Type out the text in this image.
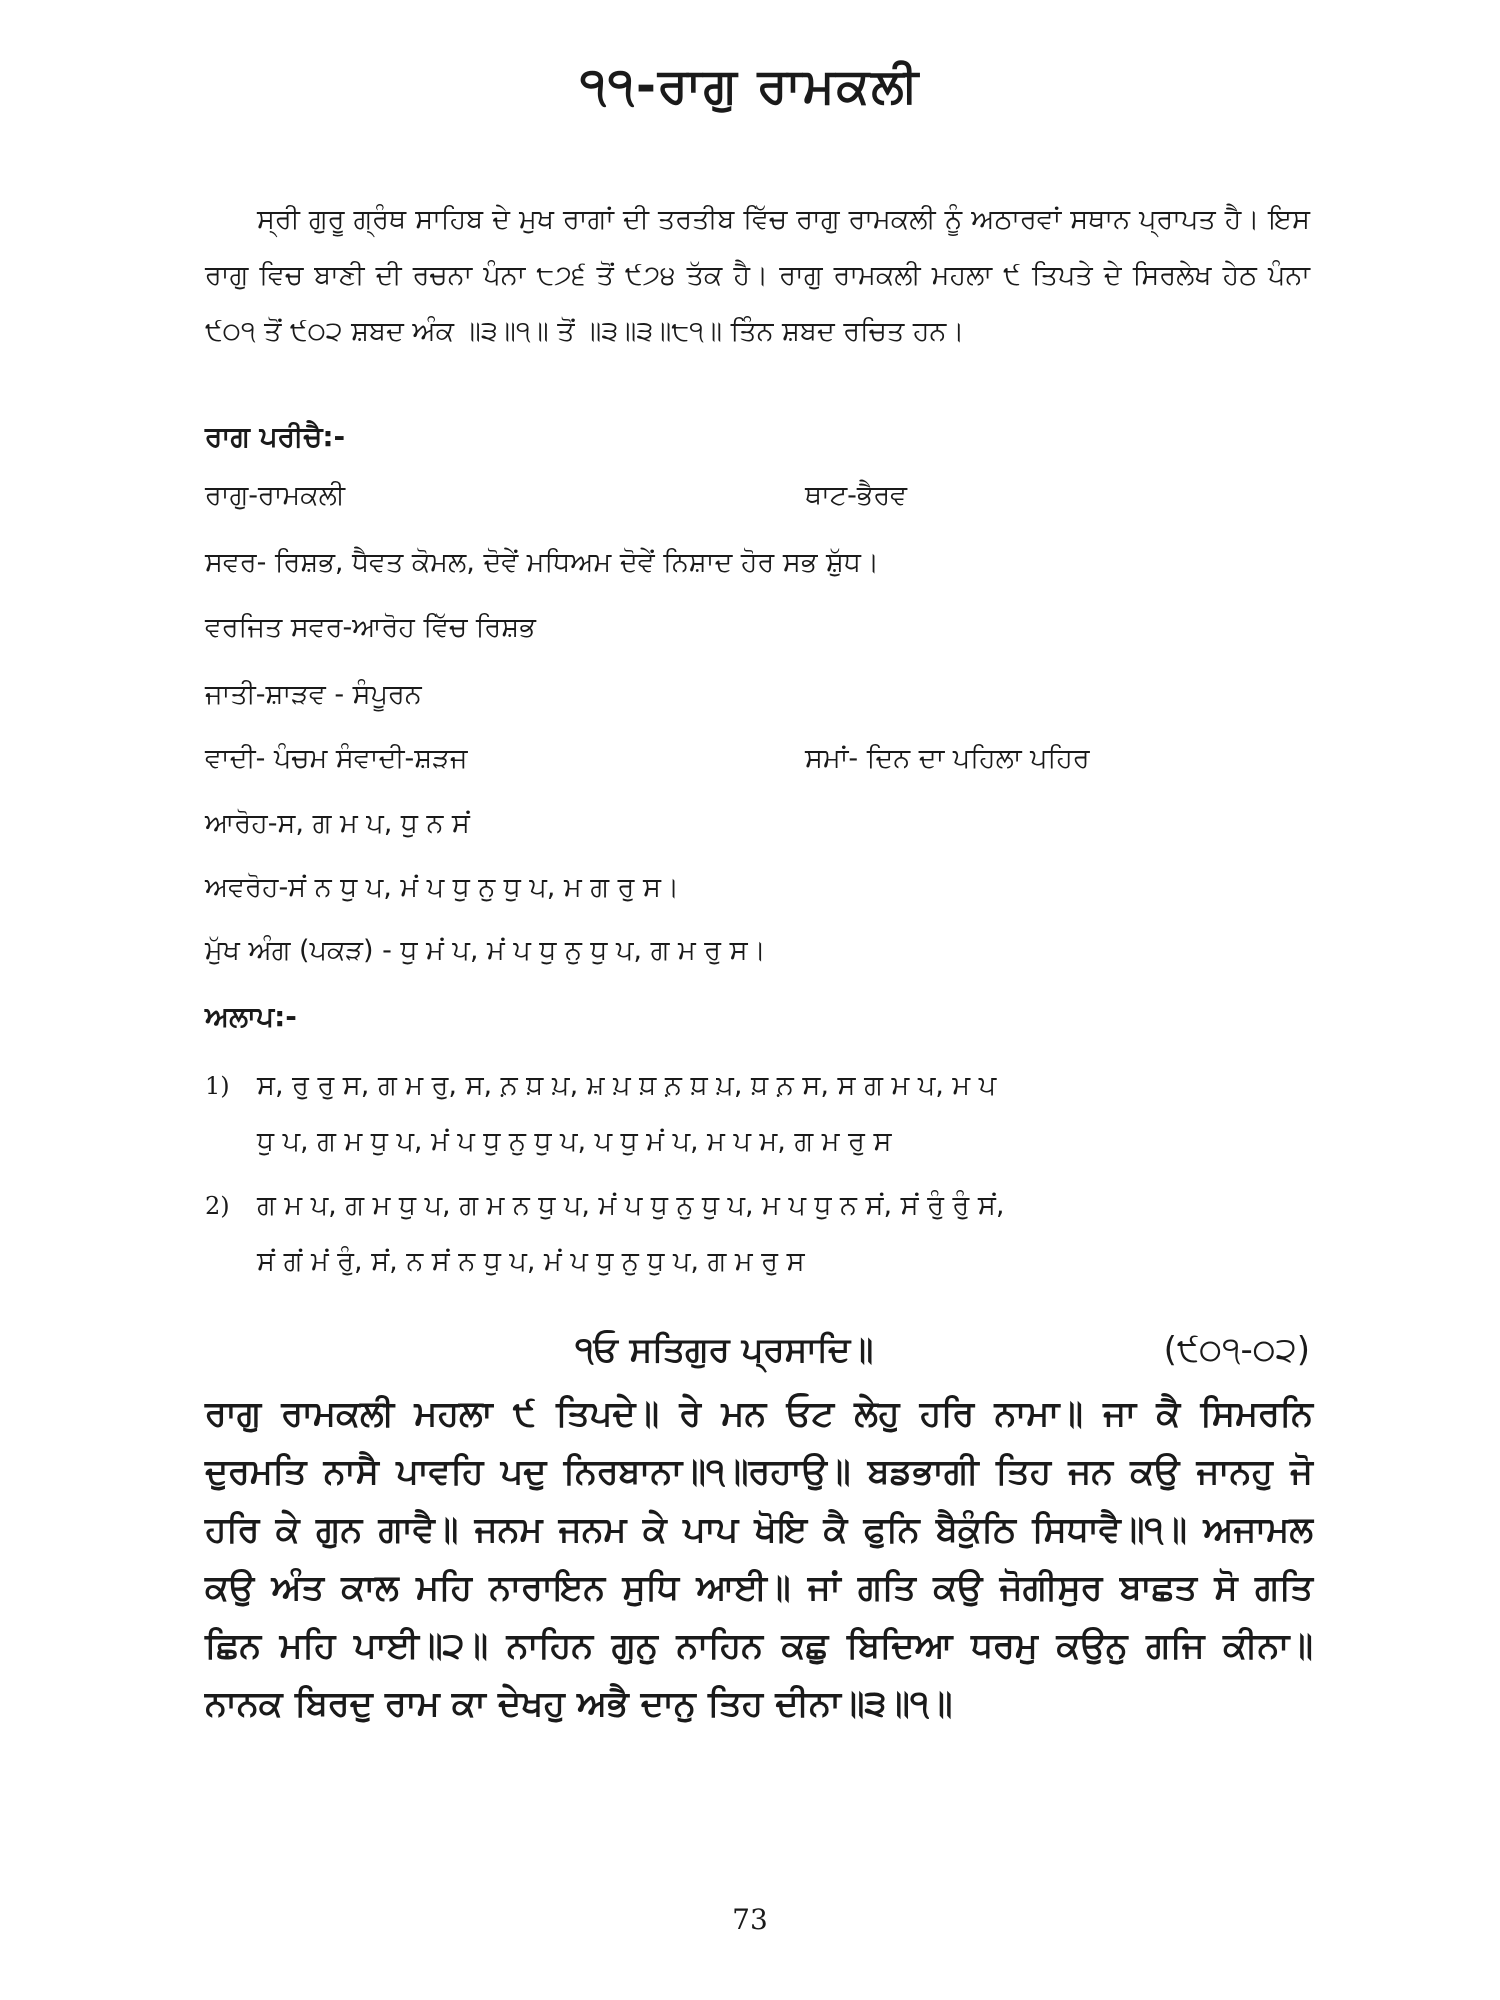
੧੧-ਰਾਗੁ ਰਾਮਕਲੀ
ਸ੍ਰੀ ਗੁਰੂ ਗ੍ਰੰਥ ਸਾਹਿਬ ਦੇ ਮੁਖ ਰਾਗਾਂ ਦੀ ਤਰਤੀਬ ਵਿੱਚ ਰਾਗੁ ਰਾਮਕਲੀ ਨੂੰ ਅਠਾਰਵਾਂ ਸਥਾਨ ਪ੍ਰਾਪਤ ਹੈ। ਇਸ ਰਾਗੁ ਵਿਚ ਬਾਣੀ ਦੀ ਰਚਨਾ ਪੰਨਾ ੮੭੬ ਤੋਂ ੯੭੪ ਤੱਕ ਹੈ। ਰਾਗੁ ਰਾਮਕਲੀ ਮਹਲਾ ੯ ਤਿਪਤੇ ਦੇ ਸਿਰਲੇਖ ਹੇਠ ਪੰਨਾ ੯੦੧ ਤੋਂ ੯੦੨ ਸ਼ਬਦ ਅੰਕ ॥੩॥੧॥ ਤੋਂ ॥੩॥੩॥੮੧॥ ਤਿੰਨ ਸ਼ਬਦ ਰਚਿਤ ਹਨ।
ਰਾਗ ਪਰੀਚੈ:-
ਰਾਗੁ-ਰਾਮਕਲੀ	ਥਾਟ-ਭੈਰਵ
ਸਵਰ- ਰਿਸ਼ਭ, ਧੈਵਤ ਕੋਮਲ, ਦੋਵੇਂ ਮਧਿਅਮ ਦੋਵੇਂ ਨਿਸ਼ਾਦ ਹੋਰ ਸਭ ਸ਼ੁੱਧ।
ਵਰਜਿਤ ਸਵਰ-ਆਰੋਹ ਵਿੱਚ ਰਿਸ਼ਭ
ਜਾਤੀ-ਸ਼ਾੜਵ - ਸੰਪੂਰਨ
ਵਾਦੀ- ਪੰਚਮ ਸੰਵਾਦੀ-ਸ਼ੜਜ	ਸਮਾਂ- ਦਿਨ ਦਾ ਪਹਿਲਾ ਪਹਿਰ
ਆਰੋਹ-ਸ, ਗ ਮ ਪ, ਧੁ ਨ ਸਂ
ਅਵਰੋਹ-ਸਂ ਨ ਧੁ ਪ, ਮਂ ਪ ਧੁ ਨੁ ਧੁ ਪ, ਮ ਗ ਰੁ ਸ।
ਮੁੱਖ ਅੰਗ (ਪਕੜ) - ਧੁ ਮਂ ਪ, ਮਂ ਪ ਧੁ ਨੁ ਧੁ ਪ, ਗ ਮ ਰੁ ਸ।
ਅਲਾਪ:-
1) ਸ, ਰੁ ਰੁ ਸ, ਗ ਮ ਰੁ, ਸ, ਨ਼ ਧ਼ ਪ਼, ਮ਼ ਪ਼ ਧ਼ ਨ਼ ਧ਼ ਪ਼, ਧ਼ ਨ਼ ਸ, ਸ ਗ ਮ ਪ, ਮ ਪ
ਧੁ ਪ, ਗ ਮ ਧੁ ਪ, ਮਂ ਪ ਧੁ ਨੁ ਧੁ ਪ, ਪ ਧੁ ਮਂ ਪ, ਮ ਪ ਮ, ਗ ਮ ਰੁ ਸ
2) ਗ ਮ ਪ, ਗ ਮ ਧੁ ਪ, ਗ ਮ ਨ ਧੁ ਪ, ਮਂ ਪ ਧੁ ਨੁ ਧੁ ਪ, ਮ ਪ ਧੁ ਨ ਸਂ, ਸਂ ਰੁੰ ਰੁੰ ਸਂ,
ਸਂ ਗਂ ਮਂ ਰੁੰ, ਸਂ, ਨ ਸਂ ਨ ਧੁ ਪ, ਮਂ ਪ ਧੁ ਨੁ ਧੁ ਪ, ਗ ਮ ਰੁ ਸ
੧ਓ ਸਤਿਗੁਰ ਪ੍ਰਸਾਦਿ॥	(੯੦੧-੦੨)
ਰਾਗੁ ਰਾਮਕਲੀ ਮਹਲਾ ੯ ਤਿਪਦੇ॥ ਰੇ ਮਨ ਓਟ ਲੇਹੁ ਹਰਿ ਨਾਮਾ॥ ਜਾ ਕੈ ਸਿਮਰਨਿ ਦੁਰਮਤਿ ਨਾਸੈ ਪਾਵਹਿ ਪਦੁ ਨਿਰਬਾਨਾ॥੧॥ਰਹਾਉ॥ ਬਡਭਾਗੀ ਤਿਹ ਜਨ ਕਉ ਜਾਨਹੁ ਜੋ ਹਰਿ ਕੇ ਗੁਨ ਗਾਵੈ॥ ਜਨਮ ਜਨਮ ਕੇ ਪਾਪ ਖੋਇ ਕੈ ਫੁਨਿ ਬੈਕੁੰਠਿ ਸਿਧਾਵੈ॥੧॥ ਅਜਾਮਲ ਕਉ ਅੰਤ ਕਾਲ ਮਹਿ ਨਾਰਾਇਨ ਸੁਧਿ ਆਈ॥ ਜਾਂ ਗਤਿ ਕਉ ਜੋਗੀਸੁਰ ਬਾਛਤ ਸੋ ਗਤਿ ਛਿਨ ਮਹਿ ਪਾਈ॥੨॥ ਨਾਹਿਨ ਗੁਨੁ ਨਾਹਿਨ ਕਛੁ ਬਿਦਿਆ ਧਰਮੁ ਕਉਨੁ ਗਜਿ ਕੀਨਾ॥ ਨਾਨਕ ਬਿਰਦੁ ਰਾਮ ਕਾ ਦੇਖਹੁ ਅਭੈ ਦਾਨੁ ਤਿਹ ਦੀਨਾ॥੩॥੧॥
73
